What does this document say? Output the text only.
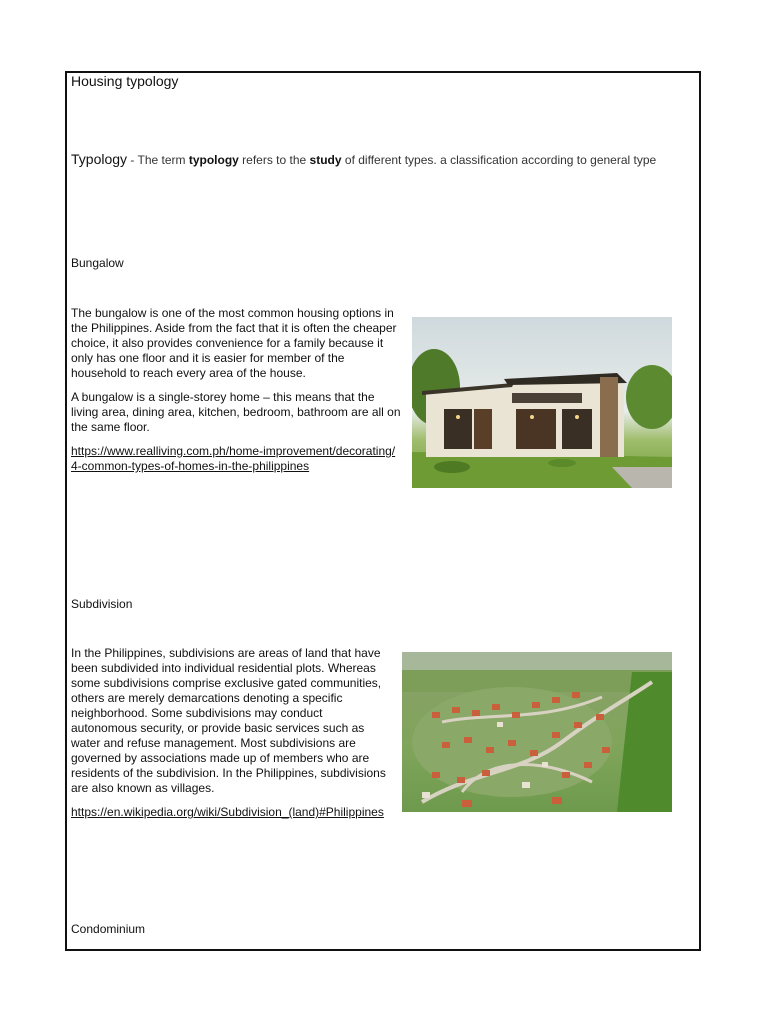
Housing typology
Typology - The term typology refers to the study of different types. a classification according to general type
Bungalow

The bungalow is one of the most common housing options in the Philippines. Aside from the fact that it is often the cheaper choice, it also provides convenience for a family because it only has one floor and it is easier for member of the household to reach every area of the house.

A bungalow is a single-storey home – this means that the living area, dining area, kitchen, bedroom, bathroom are all on the same floor.

https://www.realliving.com.ph/home-improvement/decorating/4-common-types-of-homes-in-the-philippines
Subdivision

In the Philippines, subdivisions are areas of land that have been subdivided into individual residential plots. Whereas some subdivisions comprise exclusive gated communities, others are merely demarcations denoting a specific neighborhood. Some subdivisions may conduct autonomous security, or provide basic services such as water and refuse management. Most subdivisions are governed by associations made up of members who are residents of the subdivision. In the Philippines, subdivisions are also known as villages.

https://en.wikipedia.org/wiki/Subdivision_(land)#Philippines
Condominium
